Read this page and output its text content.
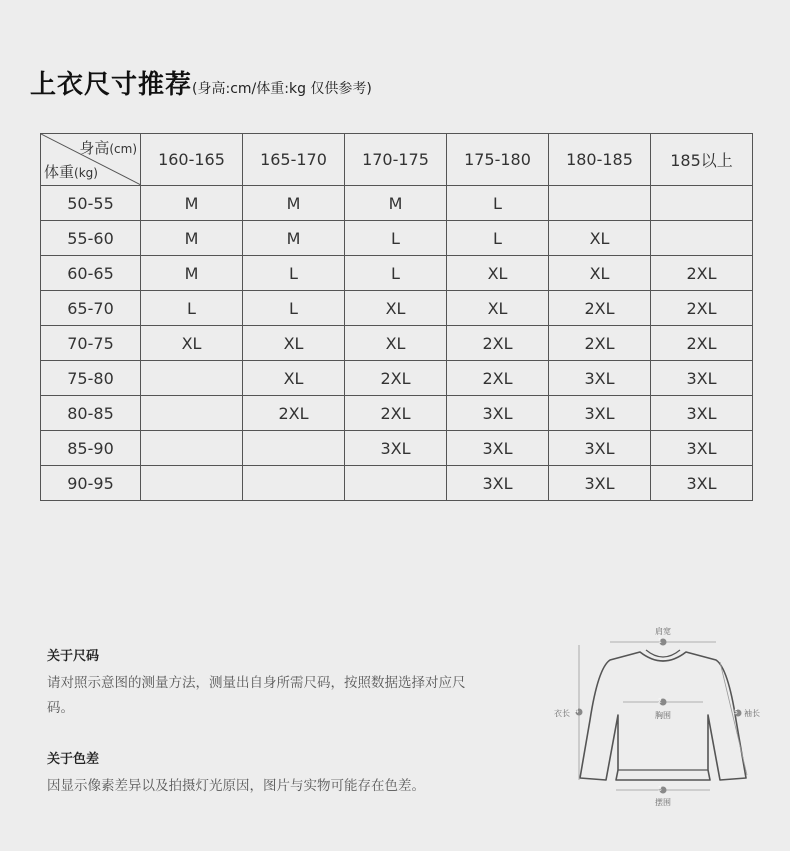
上衣尺寸推荐(身高:cm/体重:kg 仅供参考)
身高(cm)
体重(kg)	160-165	165-170	170-175	175-180	180-185	185以上
50-55	M	M	M	L		
55-60	M	M	L	L	XL	
60-65	M	L	L	XL	XL	2XL
65-70	L	L	XL	XL	2XL	2XL
70-75	XL	XL	XL	2XL	2XL	2XL
75-80		XL	2XL	2XL	3XL	3XL
80-85		2XL	2XL	3XL	3XL	3XL
85-90			3XL	3XL	3XL	3XL
90-95				3XL	3XL	3XL
关于尺码
请对照示意图的测量方法，测量出自身所需尺码，按照数据选择对应尺码。
关于色差
因显示像素差异以及拍摄灯光原因，图片与实物可能存在色差。
1
2
3
4	5
肩宽
胸围
摆围
衣长	袖长
